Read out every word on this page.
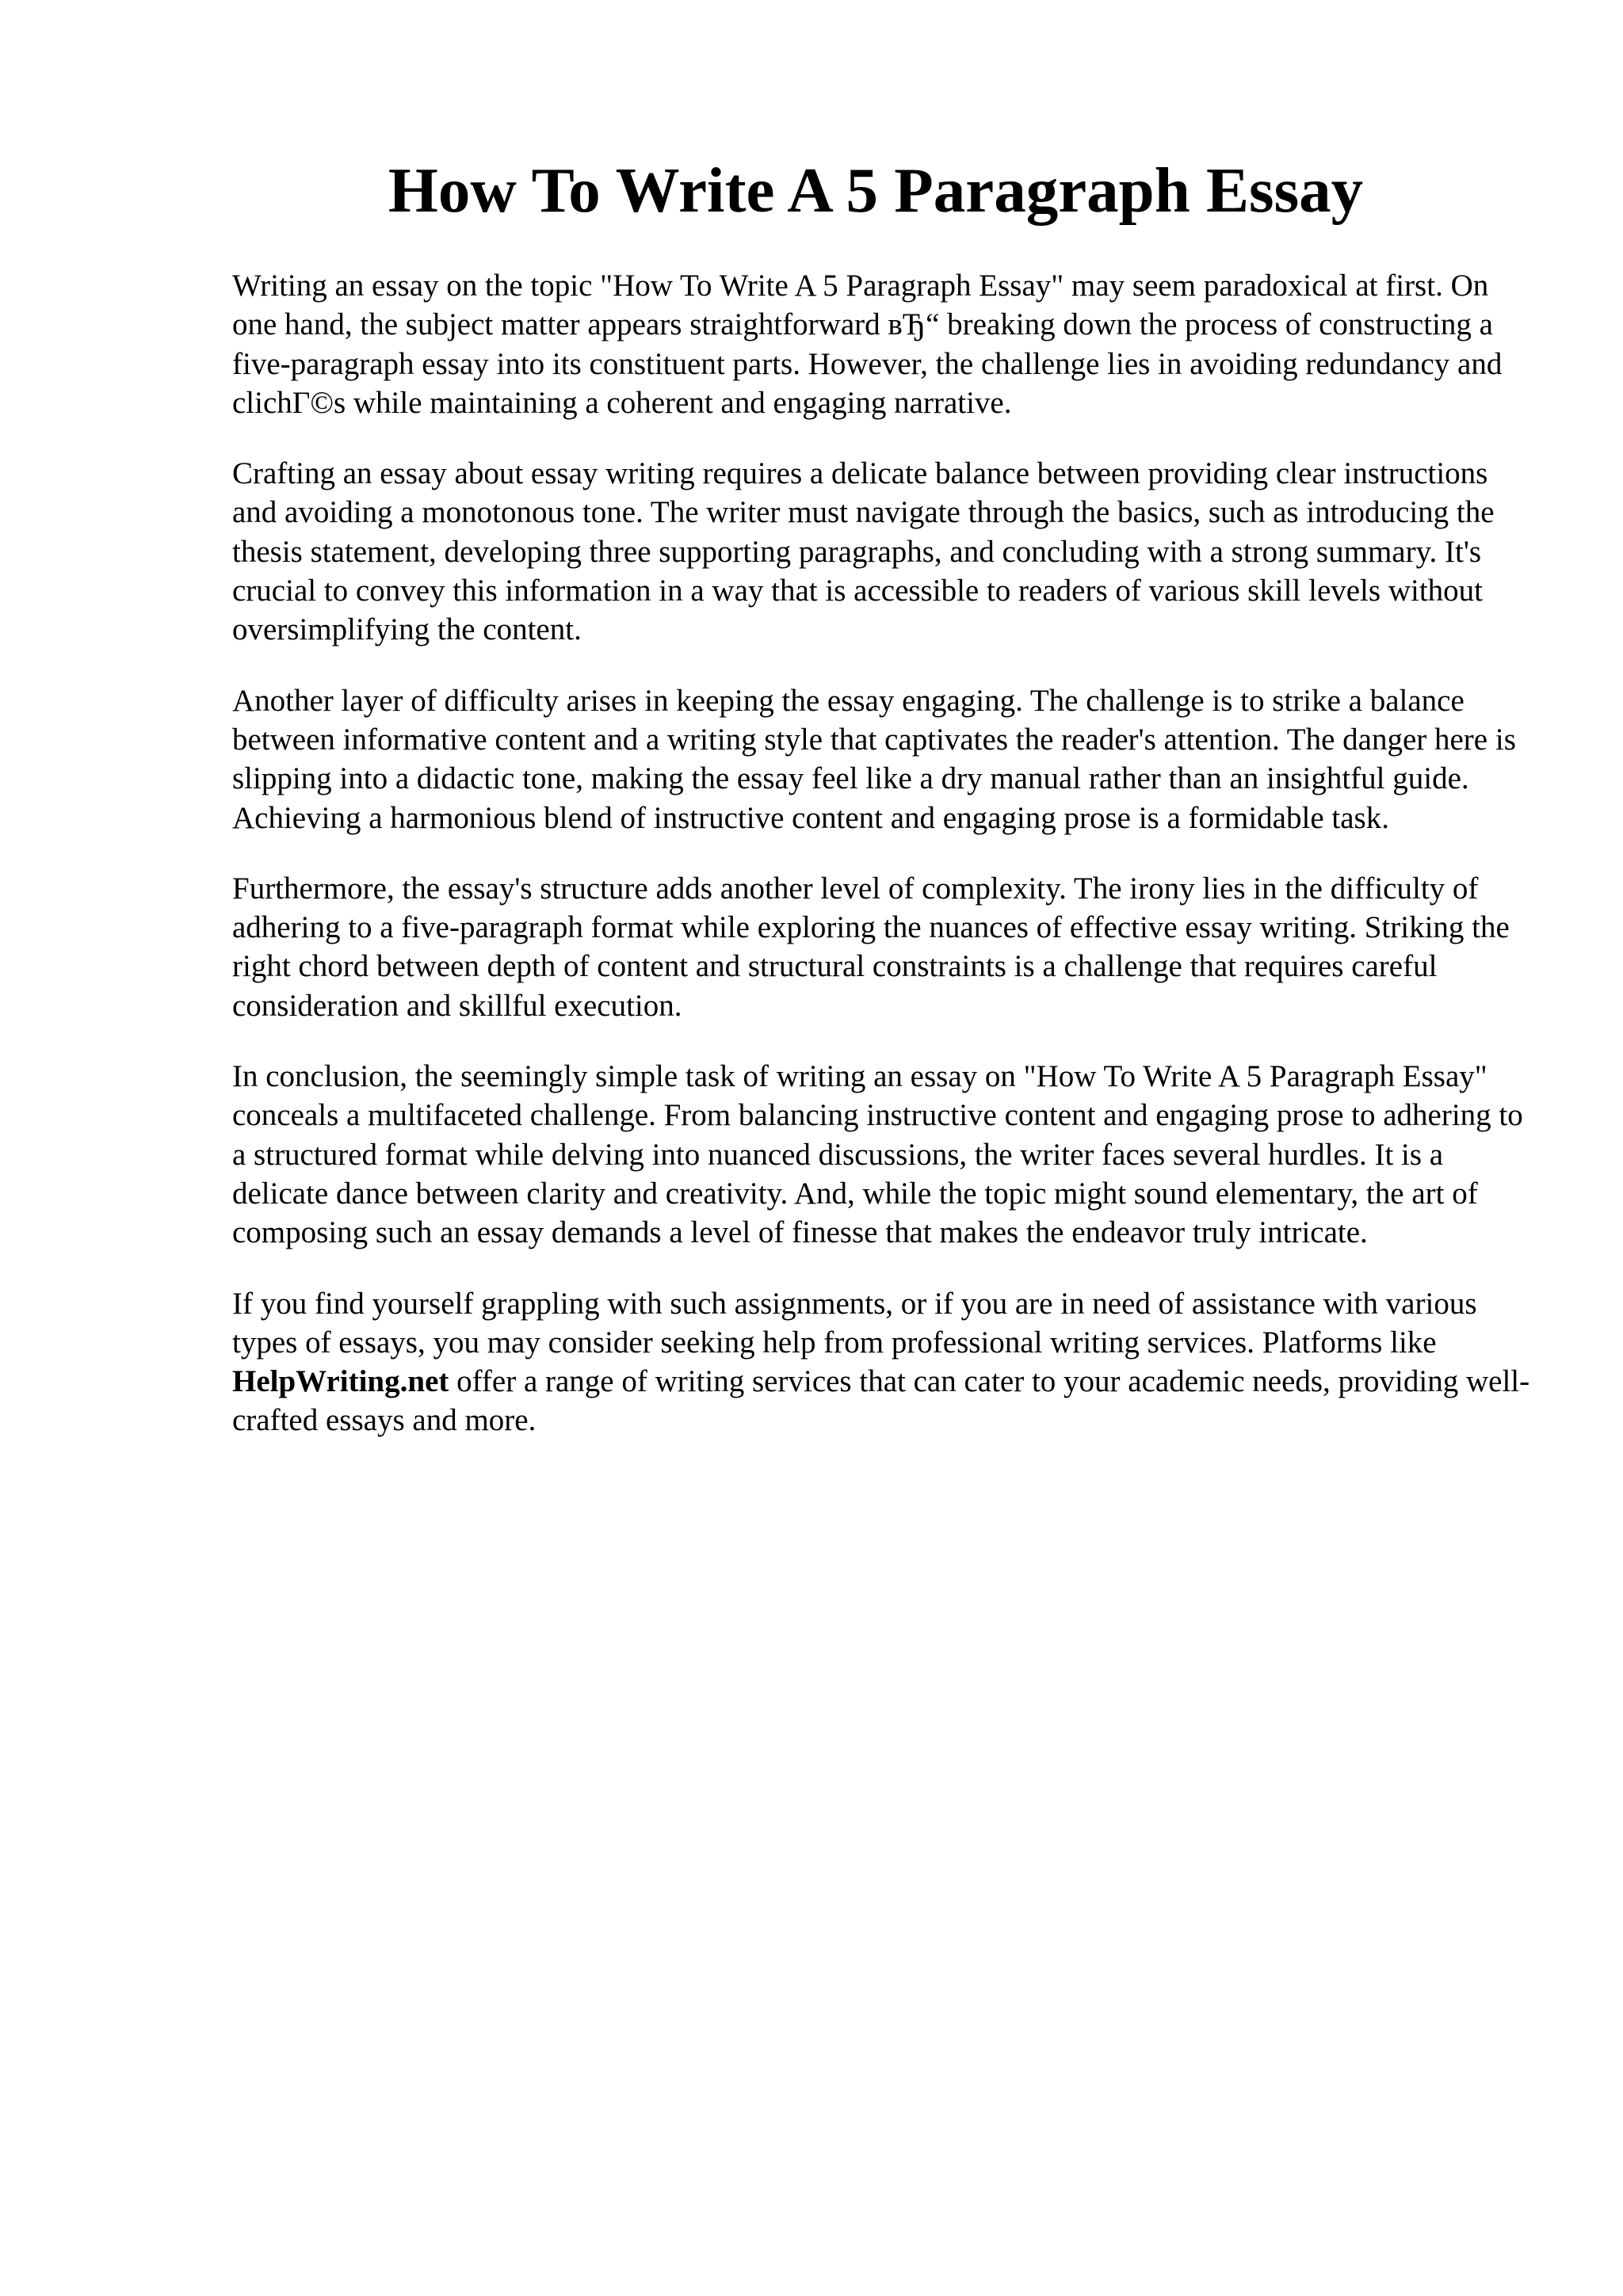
How To Write A 5 Paragraph Essay

Writing an essay on the topic "How To Write A 5 Paragraph Essay" may seem paradoxical at first. On one hand, the subject matter appears straightforward вЂ“ breaking down the process of constructing a five-paragraph essay into its constituent parts. However, the challenge lies in avoiding redundancy and clichГ©s while maintaining a coherent and engaging narrative.

Crafting an essay about essay writing requires a delicate balance between providing clear instructions and avoiding a monotonous tone. The writer must navigate through the basics, such as introducing the thesis statement, developing three supporting paragraphs, and concluding with a strong summary. It's crucial to convey this information in a way that is accessible to readers of various skill levels without oversimplifying the content.

Another layer of difficulty arises in keeping the essay engaging. The challenge is to strike a balance between informative content and a writing style that captivates the reader's attention. The danger here is slipping into a didactic tone, making the essay feel like a dry manual rather than an insightful guide. Achieving a harmonious blend of instructive content and engaging prose is a formidable task.

Furthermore, the essay's structure adds another level of complexity. The irony lies in the difficulty of adhering to a five-paragraph format while exploring the nuances of effective essay writing. Striking the right chord between depth of content and structural constraints is a challenge that requires careful consideration and skillful execution.

In conclusion, the seemingly simple task of writing an essay on "How To Write A 5 Paragraph Essay" conceals a multifaceted challenge. From balancing instructive content and engaging prose to adhering to a structured format while delving into nuanced discussions, the writer faces several hurdles. It is a delicate dance between clarity and creativity. And, while the topic might sound elementary, the art of composing such an essay demands a level of finesse that makes the endeavor truly intricate.

If you find yourself grappling with such assignments, or if you are in need of assistance with various types of essays, you may consider seeking help from professional writing services. Platforms like HelpWriting.net offer a range of writing services that can cater to your academic needs, providing well-crafted essays and more.
